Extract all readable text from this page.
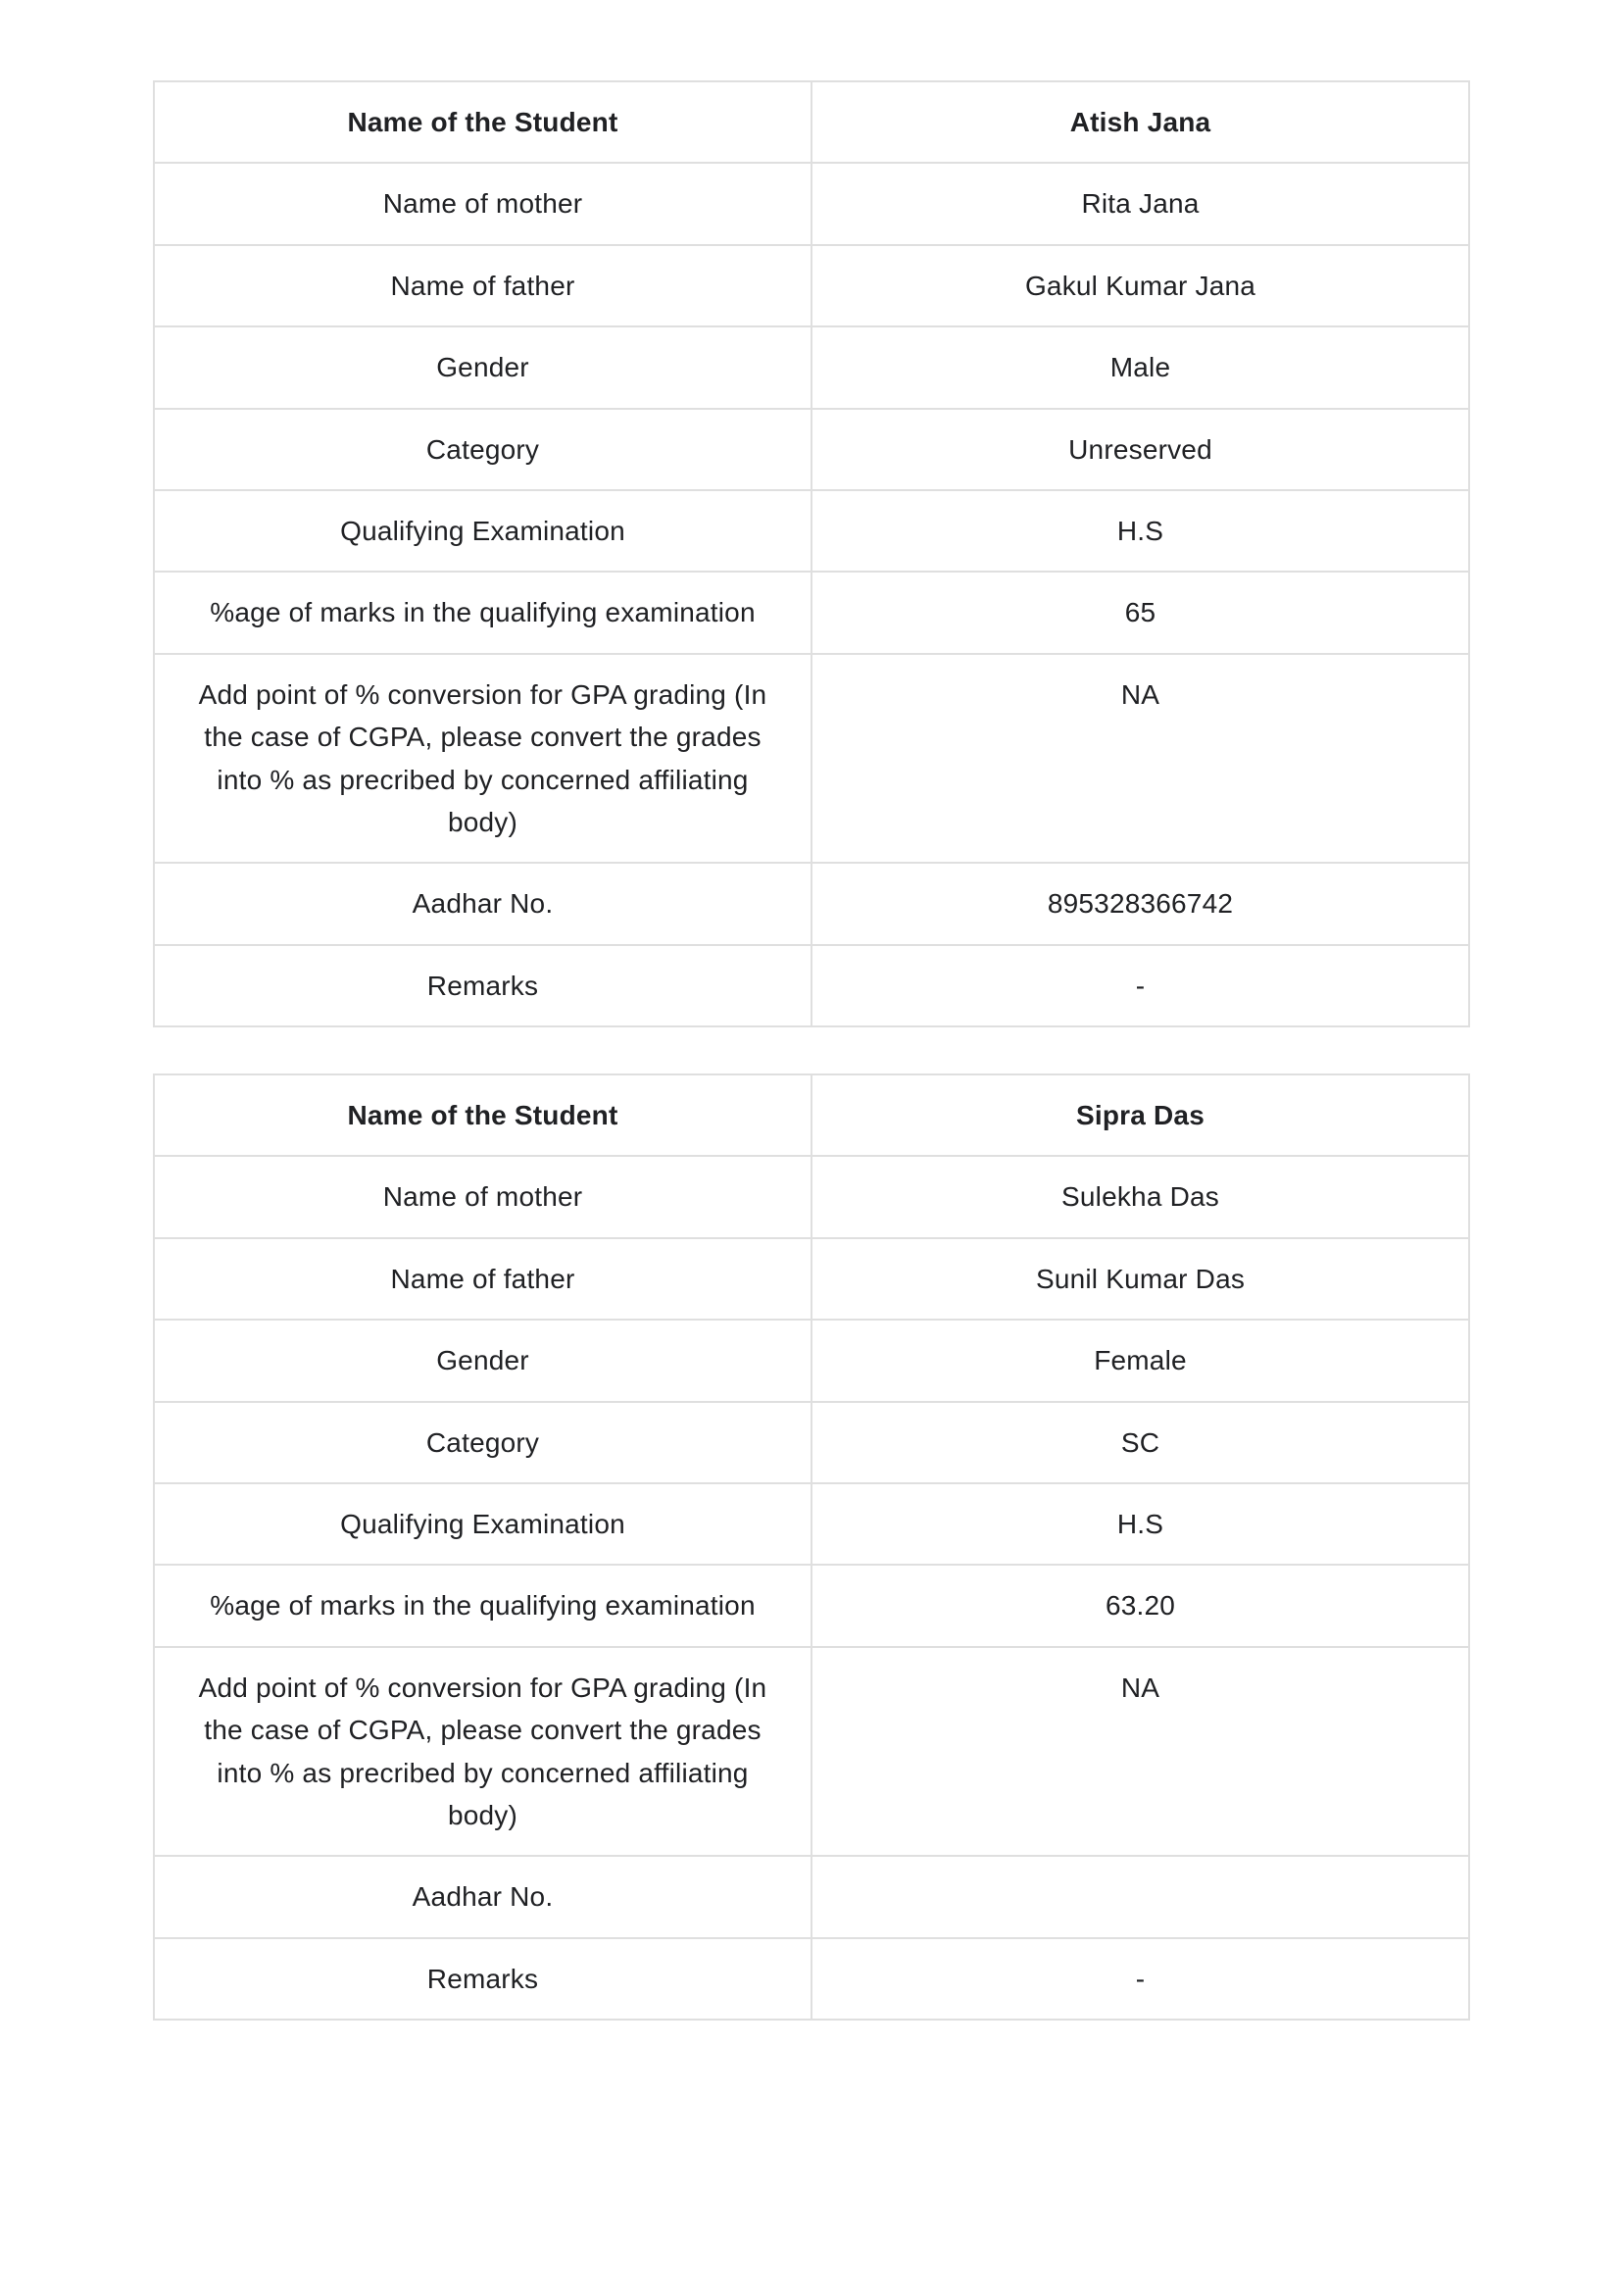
Name of the Student	Atish Jana
Name of mother	Rita Jana
Name of father	Gakul Kumar Jana
Gender	Male
Category	Unreserved
Qualifying Examination	H.S
%age of marks in the qualifying examination	65
Add point of % conversion for GPA grading (In the case of CGPA, please convert the grades into % as precribed by concerned affiliating body)	NA
Aadhar No.	895328366742
Remarks	-
Name of the Student	Sipra Das
Name of mother	Sulekha Das
Name of father	Sunil Kumar Das
Gender	Female
Category	SC
Qualifying Examination	H.S
%age of marks in the qualifying examination	63.20
Add point of % conversion for GPA grading (In the case of CGPA, please convert the grades into % as precribed by concerned affiliating body)	NA
Aadhar No.	
Remarks	-
